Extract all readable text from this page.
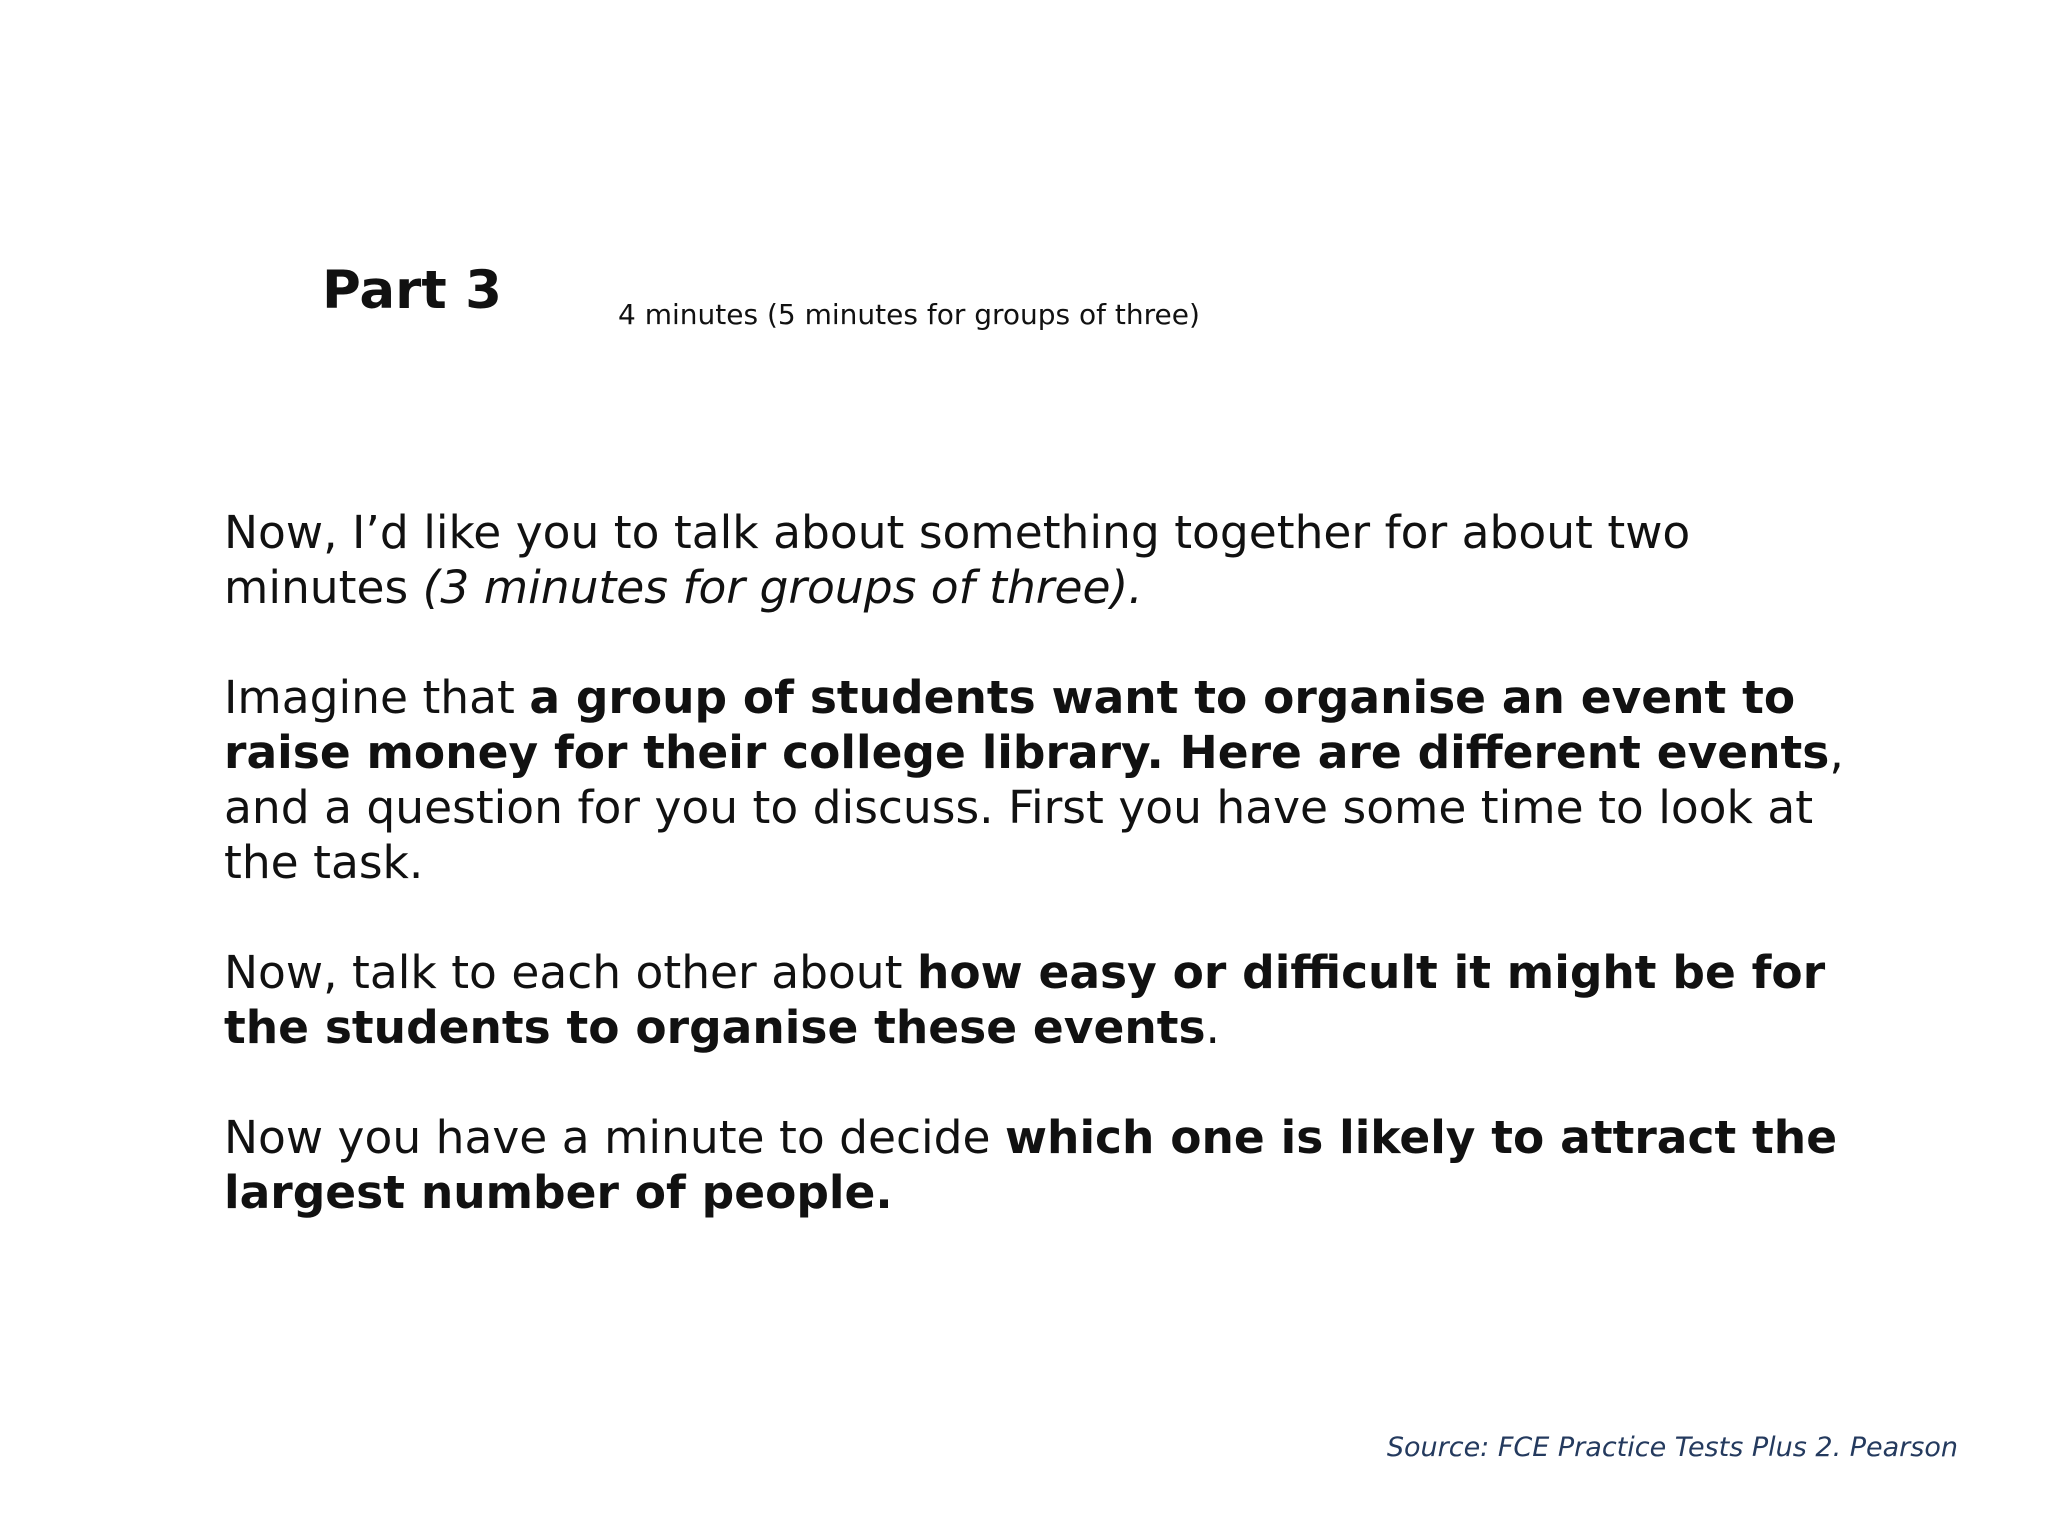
Part 3	4 minutes (5 minutes for groups of three)

Now, I’d like you to talk about something together for about two minutes (3 minutes for groups of three).

Imagine that a group of students want to organise an event to raise money for their college library. Here are different events, and a question for you to discuss. First you have some time to look at the task.

Now, talk to each other about how easy or difficult it might be for the students to organise these events.

Now you have a minute to decide which one is likely to attract the largest number of people.

Source: FCE Practice Tests Plus 2. Pearson
